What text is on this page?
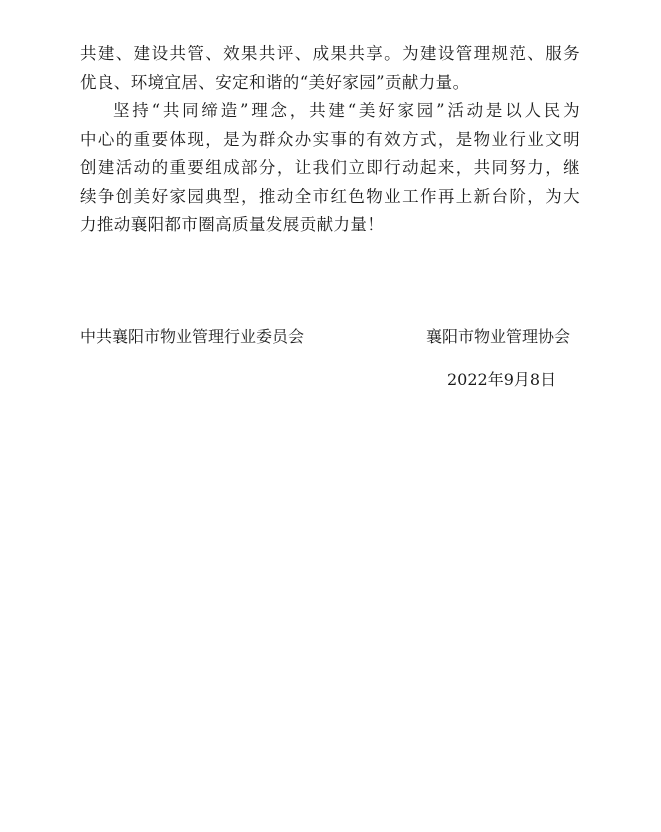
共建、建设共管、效果共评、成果共享。为建设管理规范、服务
优良、环境宜居、安定和谐的“美好家园”贡献力量。
坚持“共同缔造”理念，共建“美好家园”活动是以人民为
中心的重要体现，是为群众办实事的有效方式，是物业行业文明
创建活动的重要组成部分，让我们立即行动起来，共同努力，继
续争创美好家园典型，推动全市红色物业工作再上新台阶，为大
力推动襄阳都市圈高质量发展贡献力量！
中共襄阳市物业管理行业委员会	襄阳市物业管理协会
2022年9月8日
